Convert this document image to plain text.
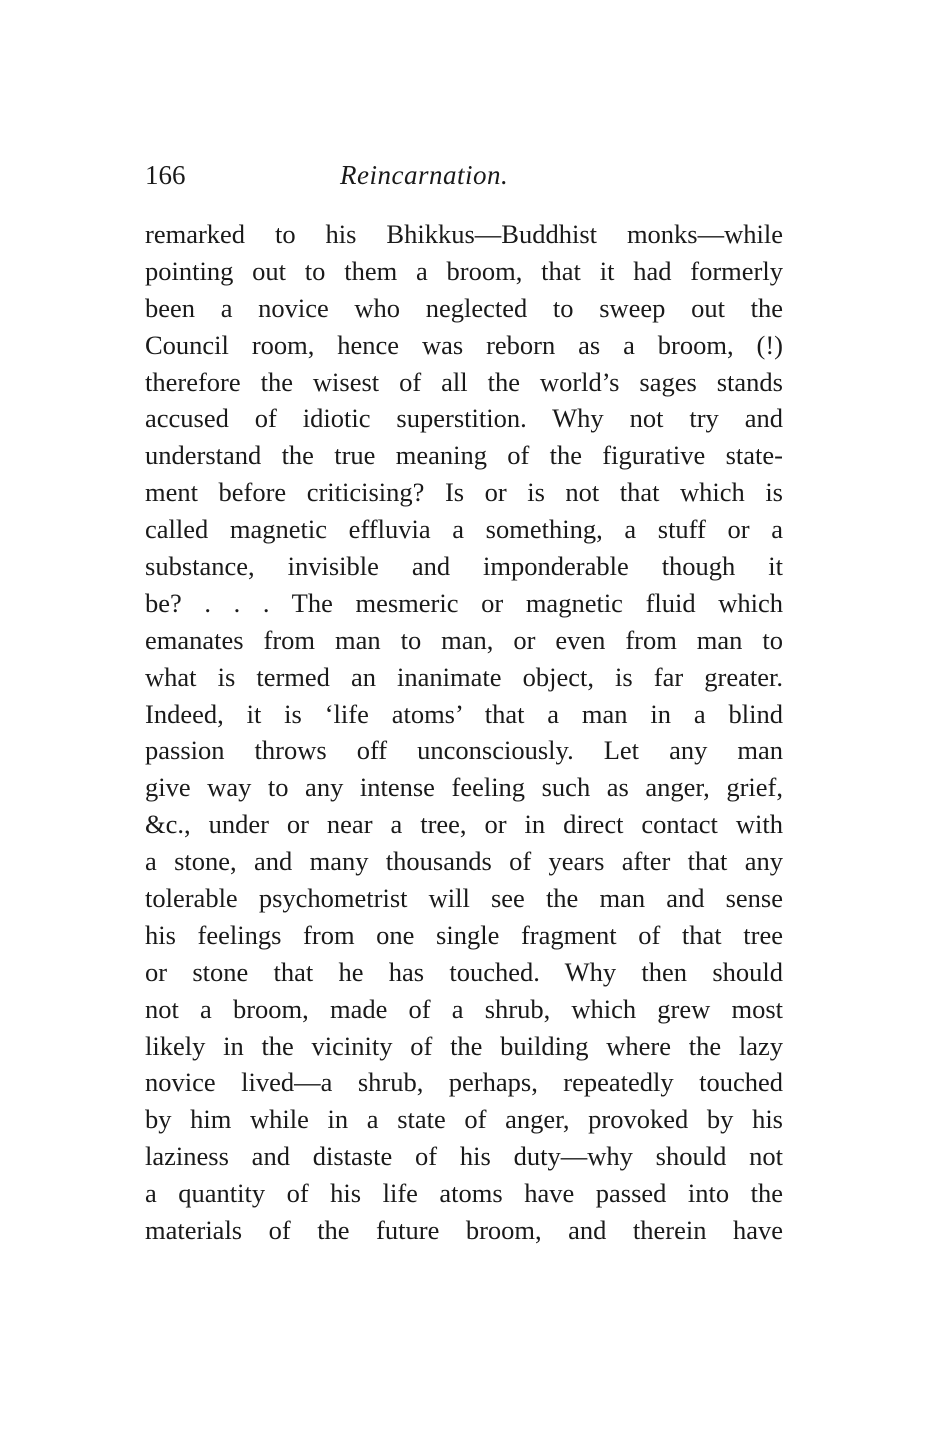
166	Reincarnation.
remarked to his Bhikkus—Buddhist monks—while
pointing out to them a broom, that it had formerly
been a novice who neglected to sweep out the
Council room, hence was reborn as a broom, (!)
therefore the wisest of all the world’s sages stands
accused of idiotic superstition. Why not try and
understand the true meaning of the figurative state-
ment before criticising? Is or is not that which is
called magnetic effluvia a something, a stuff or a
substance, invisible and imponderable though it
be? . . . The mesmeric or magnetic fluid which
emanates from man to man, or even from man to
what is termed an inanimate object, is far greater.
Indeed, it is ‘life atoms’ that a man in a blind
passion throws off unconsciously. Let any man
give way to any intense feeling such as anger, grief,
&c., under or near a tree, or in direct contact with
a stone, and many thousands of years after that any
tolerable psychometrist will see the man and sense
his feelings from one single fragment of that tree
or stone that he has touched. Why then should
not a broom, made of a shrub, which grew most
likely in the vicinity of the building where the lazy
novice lived—a shrub, perhaps, repeatedly touched
by him while in a state of anger, provoked by his
laziness and distaste of his duty—why should not
a quantity of his life atoms have passed into the
materials of the future broom, and therein have
